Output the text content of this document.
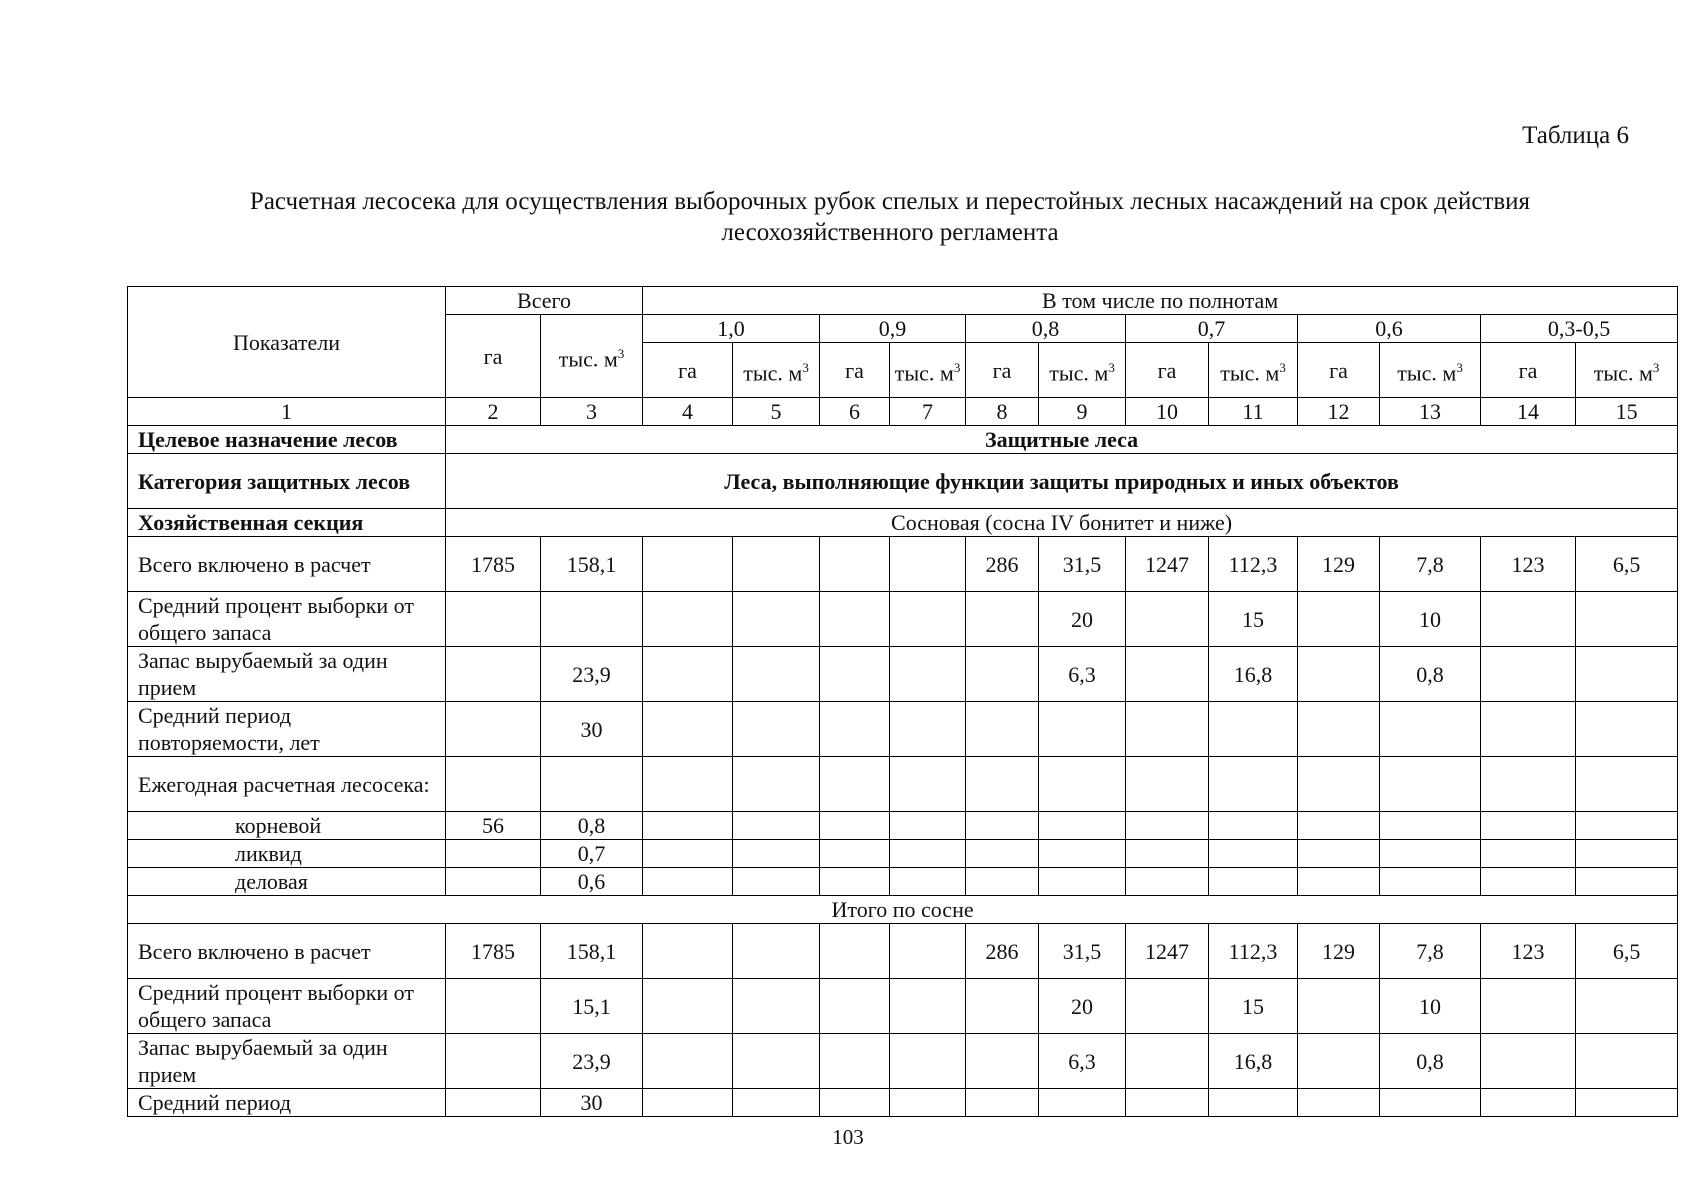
Таблица 6
Расчетная лесосека для осуществления выборочных рубок спелых и перестойных лесных насаждений на срок действия лесохозяйственного регламента
Показатели	Всего		В том числе по полнотам											
	га	тыс. $м^3$	1,0		0,9		0,8		0,7		0,6		0,3-0,5	
			га	тыс. $м^3$	га	тыс. $м^3$	га	тыс. $м^3$	га	тыс. $м^3$	га	тыс. $м^3$	га	тыс. $м^3$
1	2	3	4	5	6	7	8	9	10	11	12	13	14	15
Целевое назначение лесов	Защитные леса													
Категория защитных лесов	Леса, выполняющие функции защиты природных и иных объектов													
Хозяйственная секция	Сосновая (сосна IV бонитет и ниже)													
Всего включено в расчет	1785	158,1					286	31,5	1247	112,3	129	7,8	123	6,5
Средний процент выборки от общего запаса								20		15		10		
Запас вырубаемый за один прием		23,9						6,3		16,8		0,8		
Средний период повторяемости, лет		30												
Ежегодная расчетная лесосека:														
корневой	56	0,8												
ликвид		0,7												
деловая		0,6												
Итого по сосне														
Всего включено в расчет	1785	158,1					286	31,5	1247	112,3	129	7,8	123	6,5
Средний процент выборки от общего запаса		15,1						20		15		10		
Запас вырубаемый за один прием		23,9						6,3		16,8		0,8		
Средний период		30												
103
